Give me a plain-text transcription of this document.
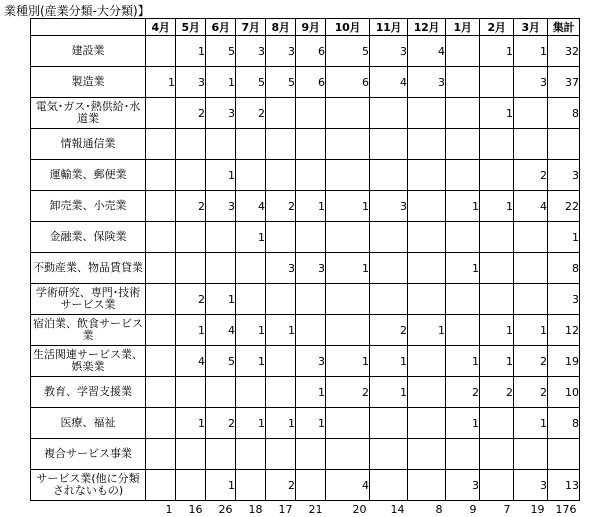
業種別(産業分類-大分類)】
	4月	5月	6月	7月	8月	9月	10月	11月	12月	1月	2月	3月	集計
建設業		1	5	3	3	6	5	3	4		1	1	32
製造業	1	3	1	5	5	6	6	4	3			3	37
電気･ガス･熱供給･水道業		2	3	2							1		8
情報通信業													
運輸業、郵便業			1									2	3
卸売業、小売業		2	3	4	2	1	1	3		1	1	4	22
金融業、保険業				1									1
不動産業、物品賃貸業					3	3	1			1			8
学術研究、専門･技術サービス業		2	1										3
宿泊業、飲食サービス業		1	4	1	1			2	1		1	1	12
生活関連サービス業、娯楽業		4	5	1		3	1	1		1	1	2	19
教育、学習支援業						1	2	1		2	2	2	10
医療、福祉		1	2	1	1	1				1		1	8
複合サービス事業													
サービス業(他に分類されないもの)			1		2		4			3		3	13
	1	16	26	18	17	21	20	14	8	9	7	19	176
